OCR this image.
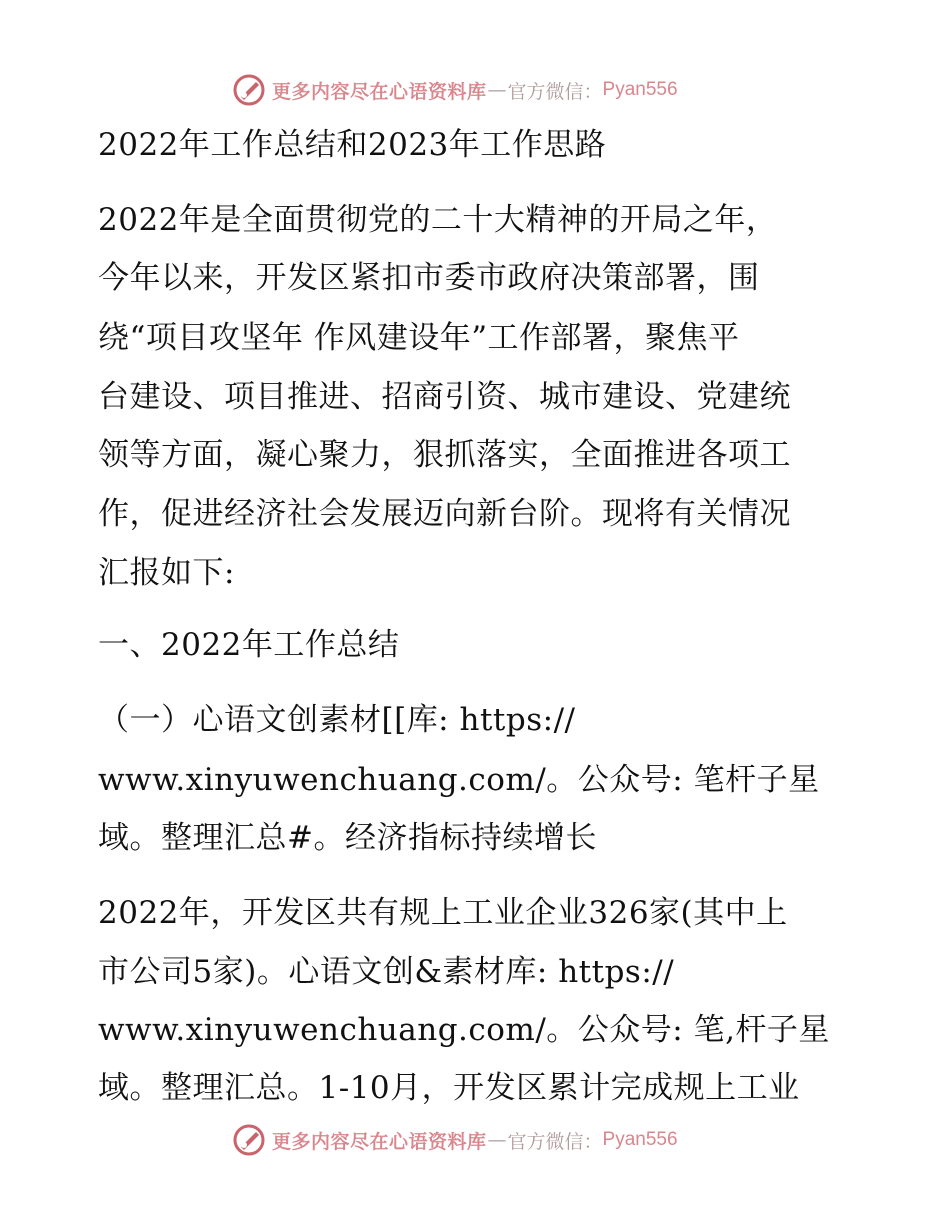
更多内容尽在心语资料库 — 官方微信： Pyan556
2022年工作总结和2023年工作思路
2022年是全面贯彻党的二十大精神的开局之年，
今年以来，开发区紧扣市委市政府决策部署，围
绕“项目攻坚年 作风建设年”工作部署，聚焦平
台建设、项目推进、招商引资、城市建设、党建统
领等方面，凝心聚力，狠抓落实，全面推进各项工
作，促进经济社会发展迈向新台阶。现将有关情况
汇报如下:
一、2022年工作总结
（一）心语文创素材[[库: https://
www.xinyuwenchuang.com/。公众号: 笔杆子星
域。整理汇总#。经济指标持续增长
2022年，开发区共有规上工业企业326家(其中上
市公司5家)。心语文创&素材库: https://
www.xinyuwenchuang.com/。公众号: 笔,杆子星
域。整理汇总。1-10月，开发区累计完成规上工业
更多内容尽在心语资料库 — 官方微信： Pyan556
